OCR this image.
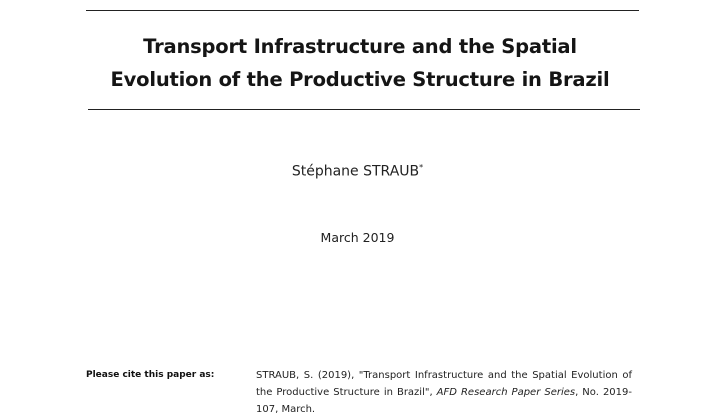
Transport Infrastructure and the Spatial
Evolution of the Productive Structure in Brazil
Stéphane STRAUB*
March 2019
Please cite this paper as:	STRAUB, S. (2019), "Transport Infrastructure and the Spatial Evolution of the Productive Structure in Brazil", AFD Research Paper Series, No. 2019-107, March.
